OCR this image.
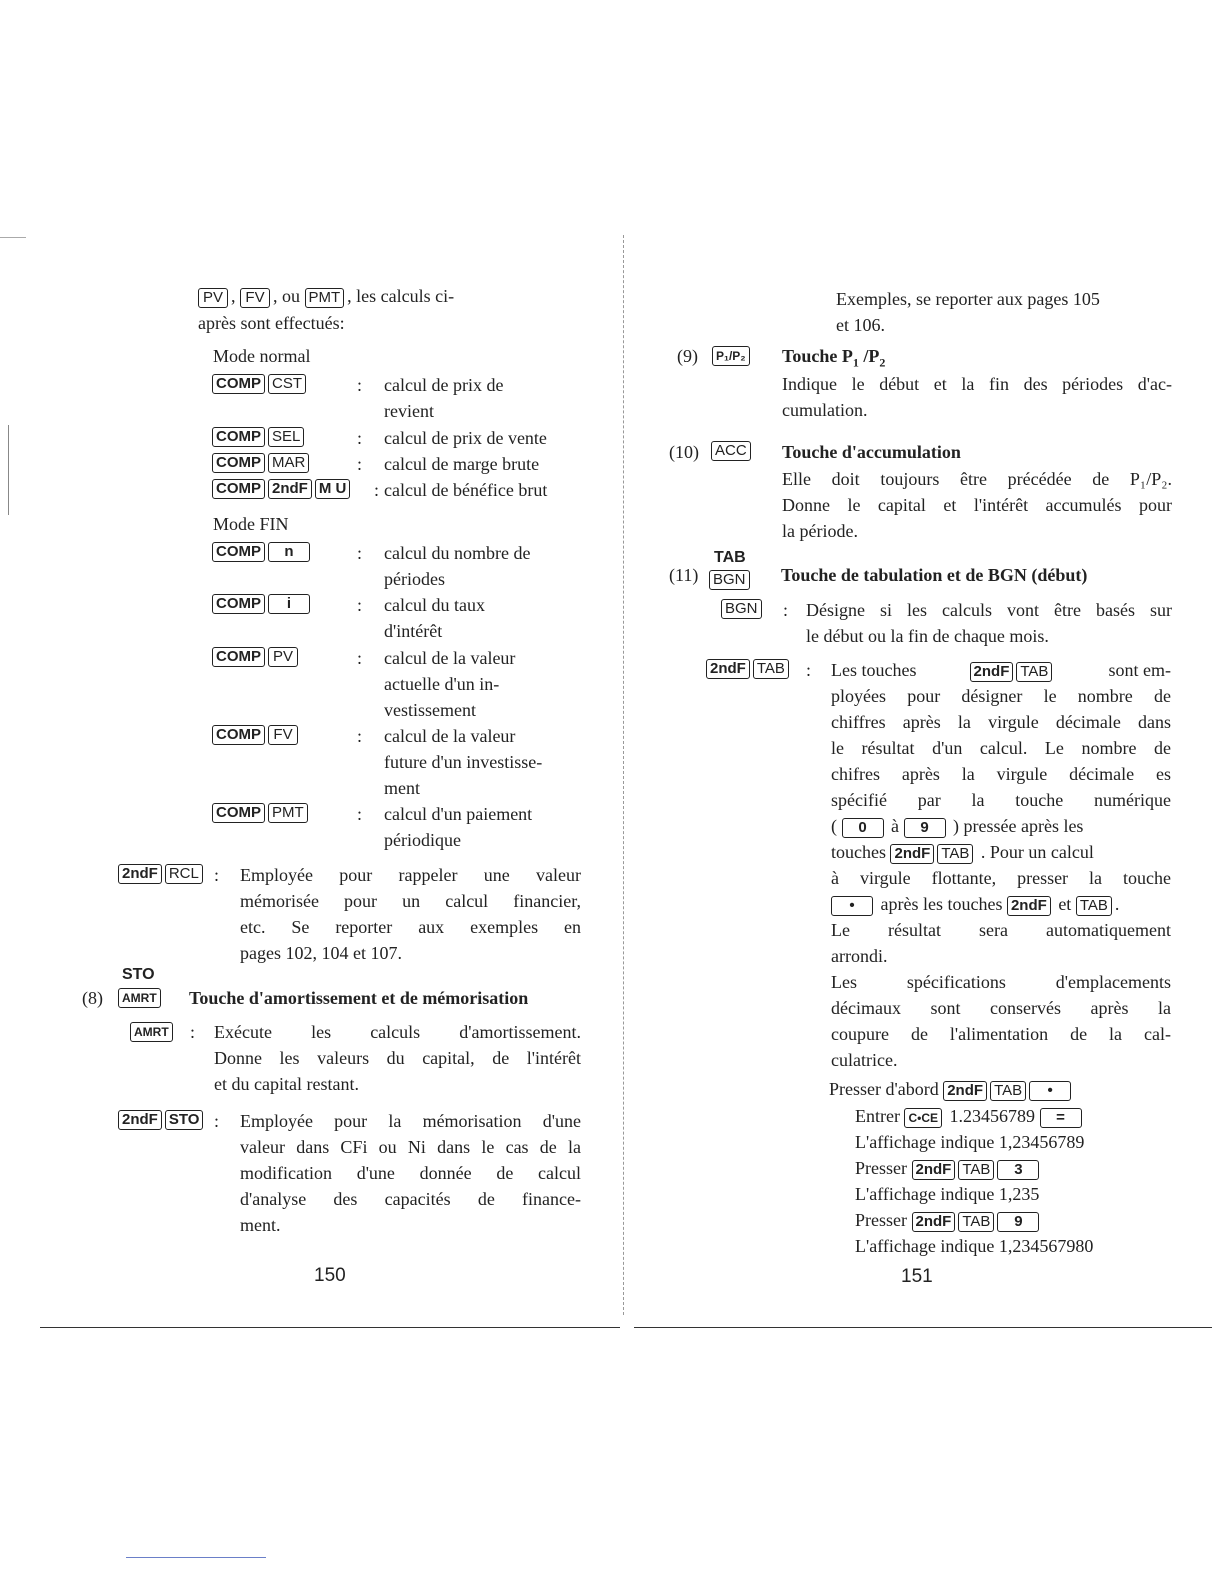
PV , FV , ou PMT , les calculs ci-
après sont effectués:
Mode normal
COMP CST	: calcul de prix de
revient
COMP SEL	: calcul de prix de vente
COMP MAR	: calcul de marge brute
COMP 2ndF M U	: calcul de bénéfice brut
Mode FIN
COMP n	: calcul du nombre de
périodes
COMP i	: calcul du taux
d'intérêt
COMP PV	: calcul de la valeur
actuelle d'un in-
vestissement
COMP FV	: calcul de la valeur
future d'un investisse-
ment
COMP PMT	: calcul d'un paiement
périodique
2ndF RCL : Employée pour rappeler une valeur
mémorisée pour un calcul financier,
etc. Se reporter aux exemples en
pages 102, 104 et 107.
STO
(8)	AMRT	Touche d'amortissement et de mémorisation
AMRT	: Exécute les calculs d'amortissement.
Donne les valeurs du capital, de l'intérêt
et du capital restant.
2ndF STO : Employée pour la mémorisation d'une
valeur dans CFi ou Ni dans le cas de la
modification d'une donnée de calcul
d'analyse des capacités de finance-
ment.
150
Exemples, se reporter aux pages 105
et 106.
(9)	P₁/P₂	Touche $P_1$ $/P_2$
Indique le début et la fin des périodes d'ac-
cumulation.
(10) ACC	Touche d'accumulation
Elle doit toujours être précédée de P₁/P₂.
Donne le capital et l'intérêt accumulés pour
la période.
TAB
(11) BGN	Touche de tabulation et de BGN (début)
BGN	: Désigne si les calculs vont être basés sur
le début ou la fin de chaque mois.
2ndF TAB	: Les touches	2ndF TAB	sont em-
ployées pour désigner le nombre de
chiffres après la virgule décimale dans
le résultat d'un calcul. Le nombre de
chifres après la virgule décimale es
spécifié par la touche numérique
( 0 à 9 ) pressée après les
touches 2ndF TAB . Pour un calcul
à virgule flottante, presser la touche
• après les touches 2ndF et TAB .
Le résultat sera automatiquement
arrondi.
Les spécifications d'emplacements
décimaux sont conservés après la
coupure de l'alimentation de la cal-
culatrice.
Presser d'abord 2ndF TAB •
Entrer C•CE 1.23456789 =
L'affichage indique 1,23456789
Presser 2ndF TAB 3
L'affichage indique 1,235
Presser 2ndF TAB 9
L'affichage indique 1,234567980
151
